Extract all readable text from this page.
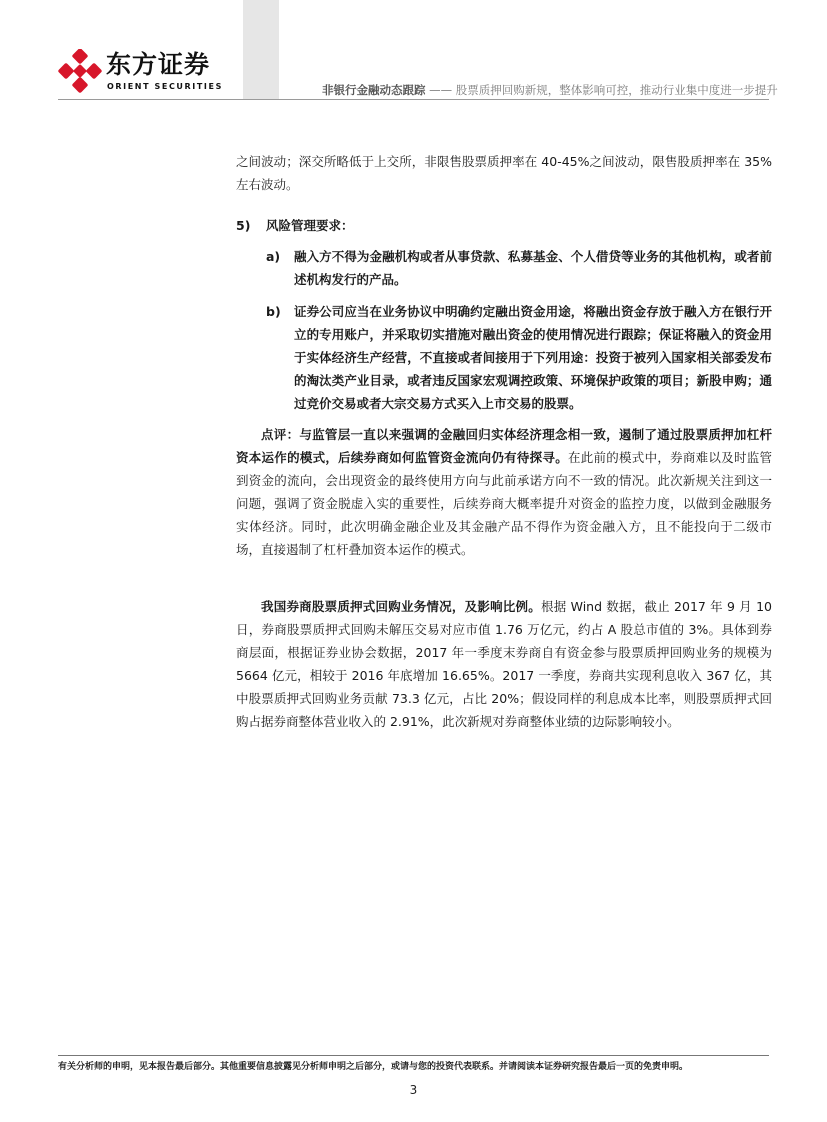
东方证券
ORIENT SECURITIES	非银行金融动态跟踪 —— 股票质押回购新规，整体影响可控，推动行业集中度进一步提升

之间波动；深交所略低于上交所，非限售股票质押率在 40-45%之间波动，限售股质押率在 35%左右波动。

5) 风险管理要求：
a) 融入方不得为金融机构或者从事贷款、私募基金、个人借贷等业务的其他机构，或者前述机构发行的产品。

b) 证券公司应当在业务协议中明确约定融出资金用途，将融出资金存放于融入方在银行开立的专用账户，并采取切实措施对融出资金的使用情况进行跟踪；保证将融入的资金用于实体经济生产经营，不直接或者间接用于下列用途：投资于被列入国家相关部委发布的淘汰类产业目录，或者违反国家宏观调控政策、环境保护政策的项目；新股申购；通过竞价交易或者大宗交易方式买入上市交易的股票。

点评：与监管层一直以来强调的金融回归实体经济理念相一致，遏制了通过股票质押加杠杆资本运作的模式，后续券商如何监管资金流向仍有待探寻。在此前的模式中，券商难以及时监管到资金的流向，会出现资金的最终使用方向与此前承诺方向不一致的情况。此次新规关注到这一问题，强调了资金脱虚入实的重要性，后续券商大概率提升对资金的监控力度，以做到金融服务实体经济。同时，此次明确金融企业及其金融产品不得作为资金融入方，且不能投向于二级市场，直接遏制了杠杆叠加资本运作的模式。

我国券商股票质押式回购业务情况，及影响比例。根据 Wind 数据，截止 2017 年 9 月 10 日，券商股票质押式回购未解压交易对应市值 1.76 万亿元，约占 A 股总市值的 3%。具体到券商层面，根据证券业协会数据，2017 年一季度末券商自有资金参与股票质押回购业务的规模为 5664 亿元，相较于 2016 年底增加 16.65%。2017 一季度，券商共实现利息收入 367 亿，其中股票质押式回购业务贡献 73.3 亿元，占比 20%；假设同样的利息成本比率，则股票质押式回购占据券商整体营业收入的 2.91%，此次新规对券商整体业绩的边际影响较小。

有关分析师的申明，见本报告最后部分。其他重要信息披露见分析师申明之后部分，或请与您的投资代表联系。并请阅读本证券研究报告最后一页的免责申明。
3
